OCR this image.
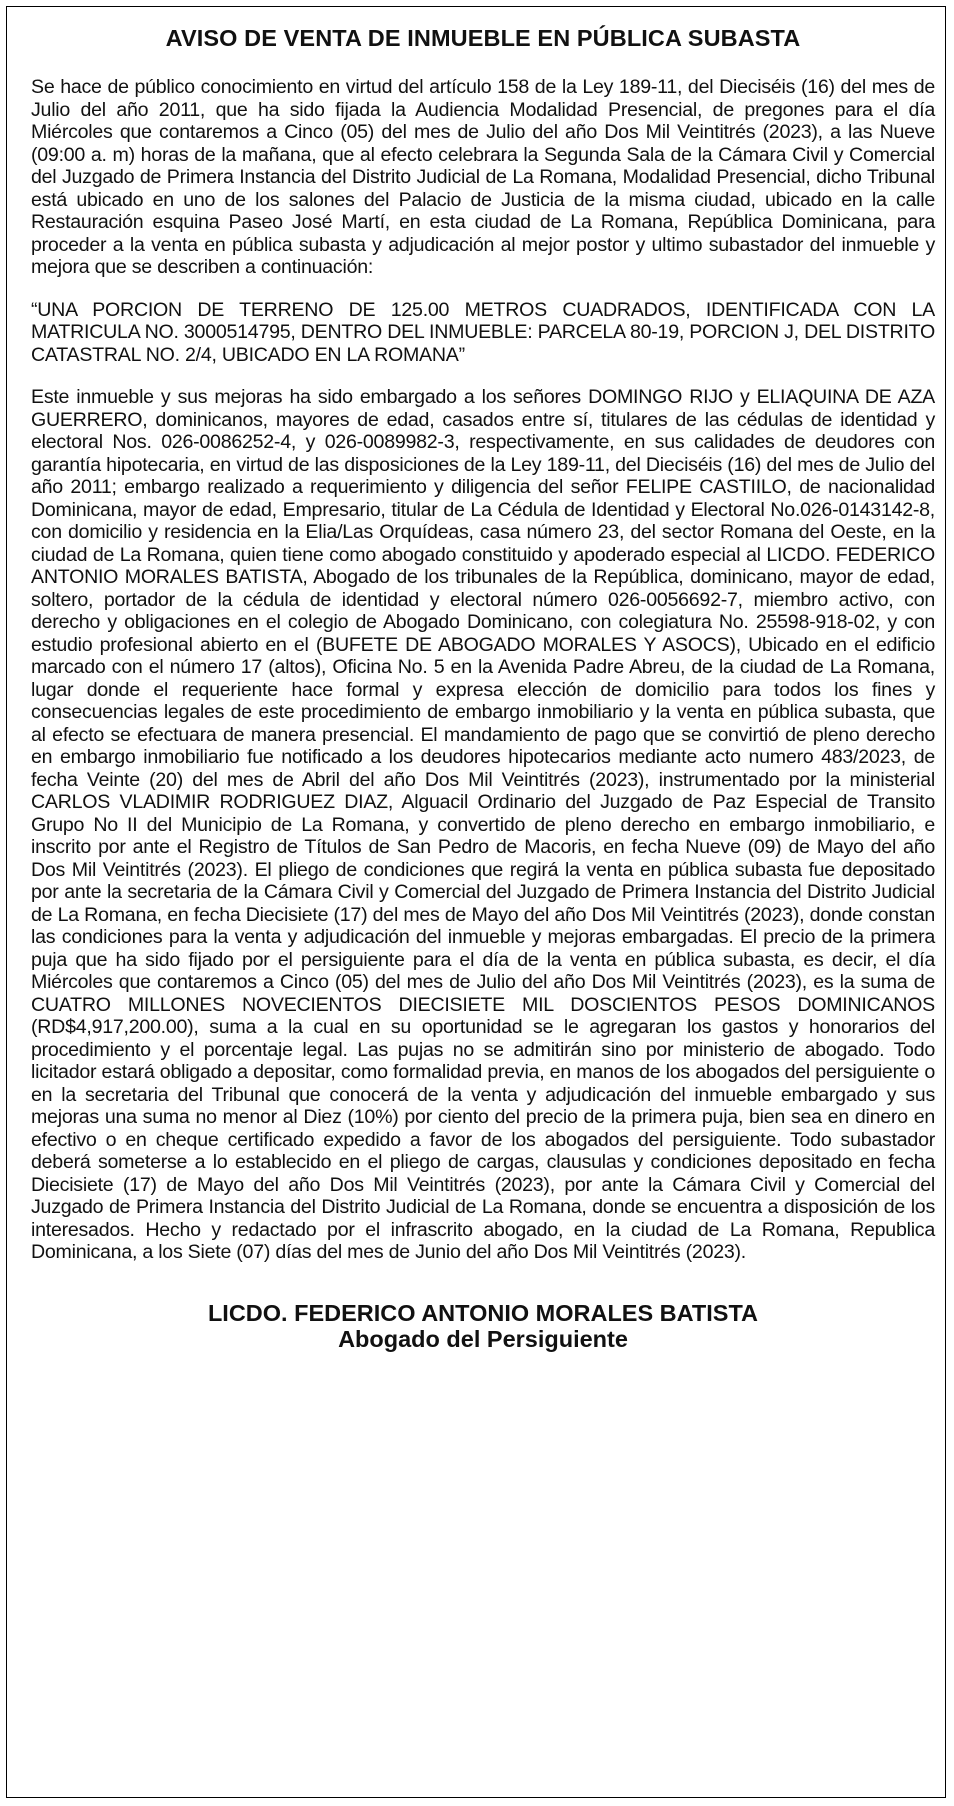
AVISO DE VENTA DE INMUEBLE EN PÚBLICA SUBASTA

Se hace de público conocimiento en virtud del artículo 158 de la Ley 189-11, del Dieciséis (16) del mes de Julio del año 2011, que ha sido fijada la Audiencia Modalidad Presencial, de pregones para el día Miércoles que contaremos a Cinco (05) del mes de Julio del año Dos Mil Veintitrés (2023), a las Nueve (09:00 a. m) horas de la mañana, que al efecto celebrara la Segunda Sala de la Cámara Civil y Comercial del Juzgado de Primera Instancia del Distrito Judicial de La Romana, Modalidad Presencial, dicho Tribunal está ubicado en uno de los salones del Palacio de Justicia de la misma ciudad, ubicado en la calle Restauración esquina Paseo José Martí, en esta ciudad de La Romana, República Dominicana, para proceder a la venta en pública subasta y adjudicación al mejor postor y ultimo subastador del inmueble y mejora que se describen a continuación:

“UNA PORCION DE TERRENO DE 125.00 METROS CUADRADOS, IDENTIFICADA CON LA MATRICULA NO. 3000514795, DENTRO DEL INMUEBLE: PARCELA 80-19, PORCION J, DEL DISTRITO CATASTRAL NO. 2/4, UBICADO EN LA ROMANA”

Este inmueble y sus mejoras ha sido embargado a los señores DOMINGO RIJO y ELIAQUINA DE AZA GUERRERO, dominicanos, mayores de edad, casados entre sí, titulares de las cédulas de identidad y electoral Nos. 026-0086252-4, y 026-0089982-3, respectivamente, en sus calidades de deudores con garantía hipotecaria, en virtud de las disposiciones de la Ley 189-11, del Dieciséis (16) del mes de Julio del año 2011; embargo realizado a requerimiento y diligencia del señor FELIPE CASTIILO, de nacionalidad Dominicana, mayor de edad, Empresario, titular de La Cédula de Identidad y Electoral No.026-0143142-8, con domicilio y residencia en la Elia/Las Orquídeas, casa número 23, del sector Romana del Oeste, en la ciudad de La Romana, quien tiene como abogado constituido y apoderado especial al LICDO. FEDERICO ANTONIO MORALES BATISTA, Abogado de los tribunales de la República, dominicano, mayor de edad, soltero, portador de la cédula de identidad y electoral número 026-0056692-7, miembro activo, con derecho y obligaciones en el colegio de Abogado Dominicano, con colegiatura No. 25598-918-02, y con estudio profesional abierto en el (BUFETE DE ABOGADO MORALES Y ASOCS), Ubicado en el edificio marcado con el número 17 (altos), Oficina No. 5 en la Avenida Padre Abreu, de la ciudad de La Romana, lugar donde el requeriente hace formal y expresa elección de domicilio para todos los fines y consecuencias legales de este procedimiento de embargo inmobiliario y la venta en pública subasta, que al efecto se efectuara de manera presencial. El mandamiento de pago que se convirtió de pleno derecho en embargo inmobiliario fue notificado a los deudores hipotecarios mediante acto numero 483/2023, de fecha Veinte (20) del mes de Abril del año Dos Mil Veintitrés (2023), instrumentado por la ministerial CARLOS VLADIMIR RODRIGUEZ DIAZ, Alguacil Ordinario del Juzgado de Paz Especial de Transito Grupo No II del Municipio de La Romana, y convertido de pleno derecho en embargo inmobiliario, e inscrito por ante el Registro de Títulos de San Pedro de Macoris, en fecha Nueve (09) de Mayo del año Dos Mil Veintitrés (2023). El pliego de condiciones que regirá la venta en pública subasta fue depositado por ante la secretaria de la Cámara Civil y Comercial del Juzgado de Primera Instancia del Distrito Judicial de La Romana, en fecha Diecisiete (17) del mes de Mayo del año Dos Mil Veintitrés (2023), donde constan las condiciones para la venta y adjudicación del inmueble y mejoras embargadas. El precio de la primera puja que ha sido fijado por el persiguiente para el día de la venta en pública subasta, es decir, el día Miércoles que contaremos a Cinco (05) del mes de Julio del año Dos Mil Veintitrés (2023), es la suma de CUATRO MILLONES NOVECIENTOS DIECISIETE MIL DOSCIENTOS PESOS DOMINICANOS (RD$4,917,200.00), suma a la cual en su oportunidad se le agregaran los gastos y honorarios del procedimiento y el porcentaje legal. Las pujas no se admitirán sino por ministerio de abogado. Todo licitador estará obligado a depositar, como formalidad previa, en manos de los abogados del persiguiente o en la secretaria del Tribunal que conocerá de la venta y adjudicación del inmueble embargado y sus mejoras una suma no menor al Diez (10%) por ciento del precio de la primera puja, bien sea en dinero en efectivo o en cheque certificado expedido a favor de los abogados del persiguiente. Todo subastador deberá someterse a lo establecido en el pliego de cargas, clausulas y condiciones depositado en fecha Diecisiete (17) de Mayo del año Dos Mil Veintitrés (2023), por ante la Cámara Civil y Comercial del Juzgado de Primera Instancia del Distrito Judicial de La Romana, donde se encuentra a disposición de los interesados. Hecho y redactado por el infrascrito abogado, en la ciudad de La Romana, Republica Dominicana, a los Siete (07) días del mes de Junio del año Dos Mil Veintitrés (2023).

LICDO. FEDERICO ANTONIO MORALES BATISTA
Abogado del Persiguiente
